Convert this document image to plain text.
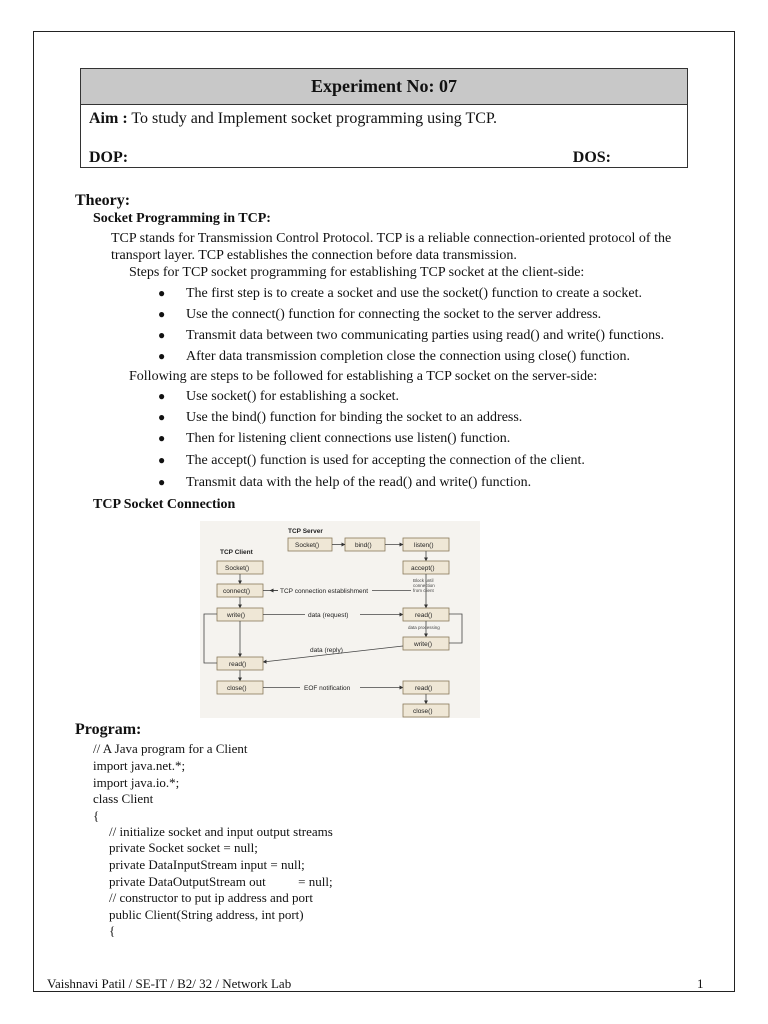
Experiment No: 07
Aim : To study and Implement socket programming using TCP.
DOP:	DOS:
Theory:
Socket Programming in TCP:
TCP stands for Transmission Control Protocol. TCP is a reliable connection-oriented protocol of the transport layer. TCP establishes the connection before data transmission.
Steps for TCP socket programming for establishing TCP socket at the client-side:
● The first step is to create a socket and use the socket() function to create a socket.
● Use the connect() function for connecting the socket to the server address.
● Transmit data between two communicating parties using read() and write() functions.
● After data transmission completion close the connection using close() function.
Following are steps to be followed for establishing a TCP socket on the server-side:
● Use socket() for establishing a socket.
● Use the bind() function for binding the socket to an address.
● Then for listening client connections use listen() function.
● The accept() function is used for accepting the connection of the client.
● Transmit data with the help of the read() and write() function.
TCP Socket Connection
TCP Server
TCP Client
Socket()	bind()	listen()
accept()
Block until
connection
from client
Socket()
connect()	TCP connection establishment
write()	data (request)	read()
data processing
write()
data (reply)
read()
close()	EOF notification	read()
close()
Program:
// A Java program for a Client
import java.net.*;
import java.io.*;
class Client
{
// initialize socket and input output streams
private Socket socket = null;
private DataInputStream input = null;
private DataOutputStream out          = null;
// constructor to put ip address and port
public Client(String address, int port)
{
Vaishnavi Patil / SE-IT / B2/ 32 / Network Lab	1
